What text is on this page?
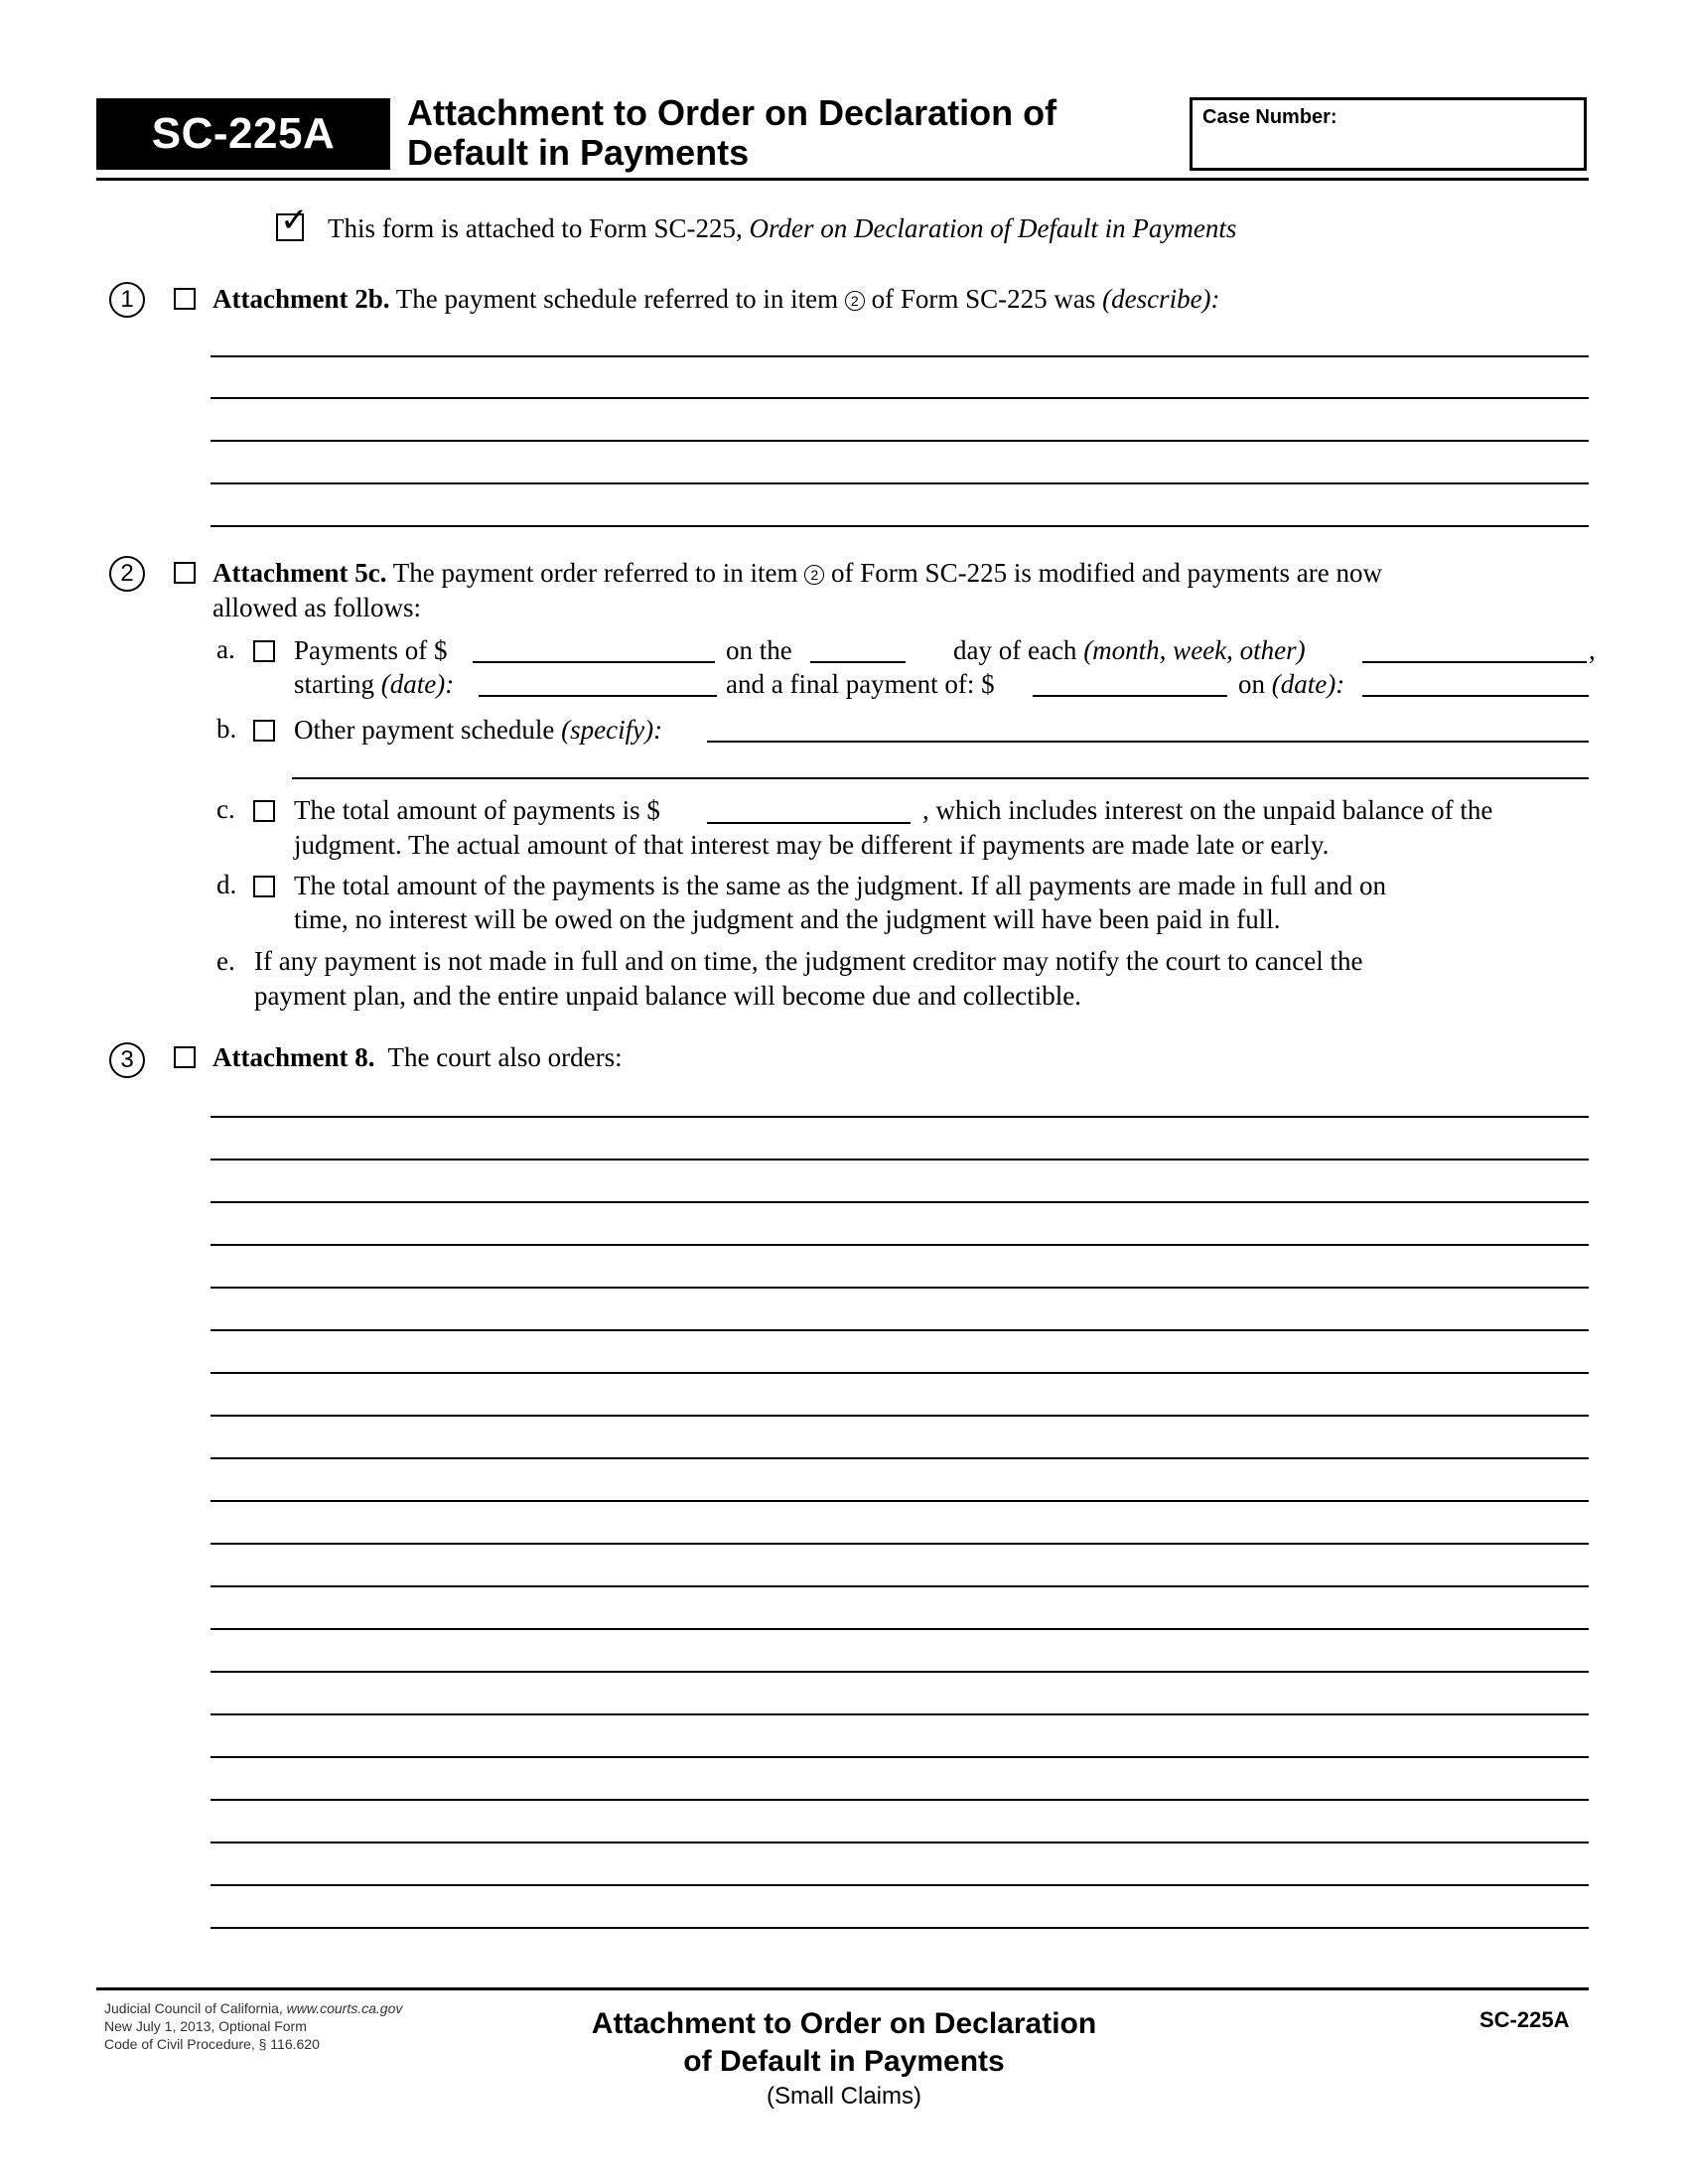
SC-225A Attachment to Order on Declaration of
Default in Payments
Case Number:
✓ This form is attached to Form SC-225, Order on Declaration of Default in Payments
1	Attachment 2b. The payment schedule referred to in item 2 of Form SC-225 was (describe):
2	Attachment 5c. The payment order referred to in item 2 of Form SC-225 is modified and payments are now
allowed as follows:
a. Payments of $	on the	day of each (month, week, other)	,
starting (date):	and a final payment of: $	on (date):
b. Other payment schedule (specify):
c. The total amount of payments is $	, which includes interest on the unpaid balance of the
judgment. The actual amount of that interest may be different if payments are made late or early.
d. The total amount of the payments is the same as the judgment. If all payments are made in full and on
time, no interest will be owed on the judgment and the judgment will have been paid in full.
e. If any payment is not made in full and on time, the judgment creditor may notify the court to cancel the
payment plan, and the entire unpaid balance will become due and collectible.
3	Attachment 8. The court also orders:
Judicial Council of California, www.courts.ca.gov
New July 1, 2013, Optional Form
Code of Civil Procedure, § 116.620
Attachment to Order on Declaration
of Default in Payments
(Small Claims)
SC-225A
